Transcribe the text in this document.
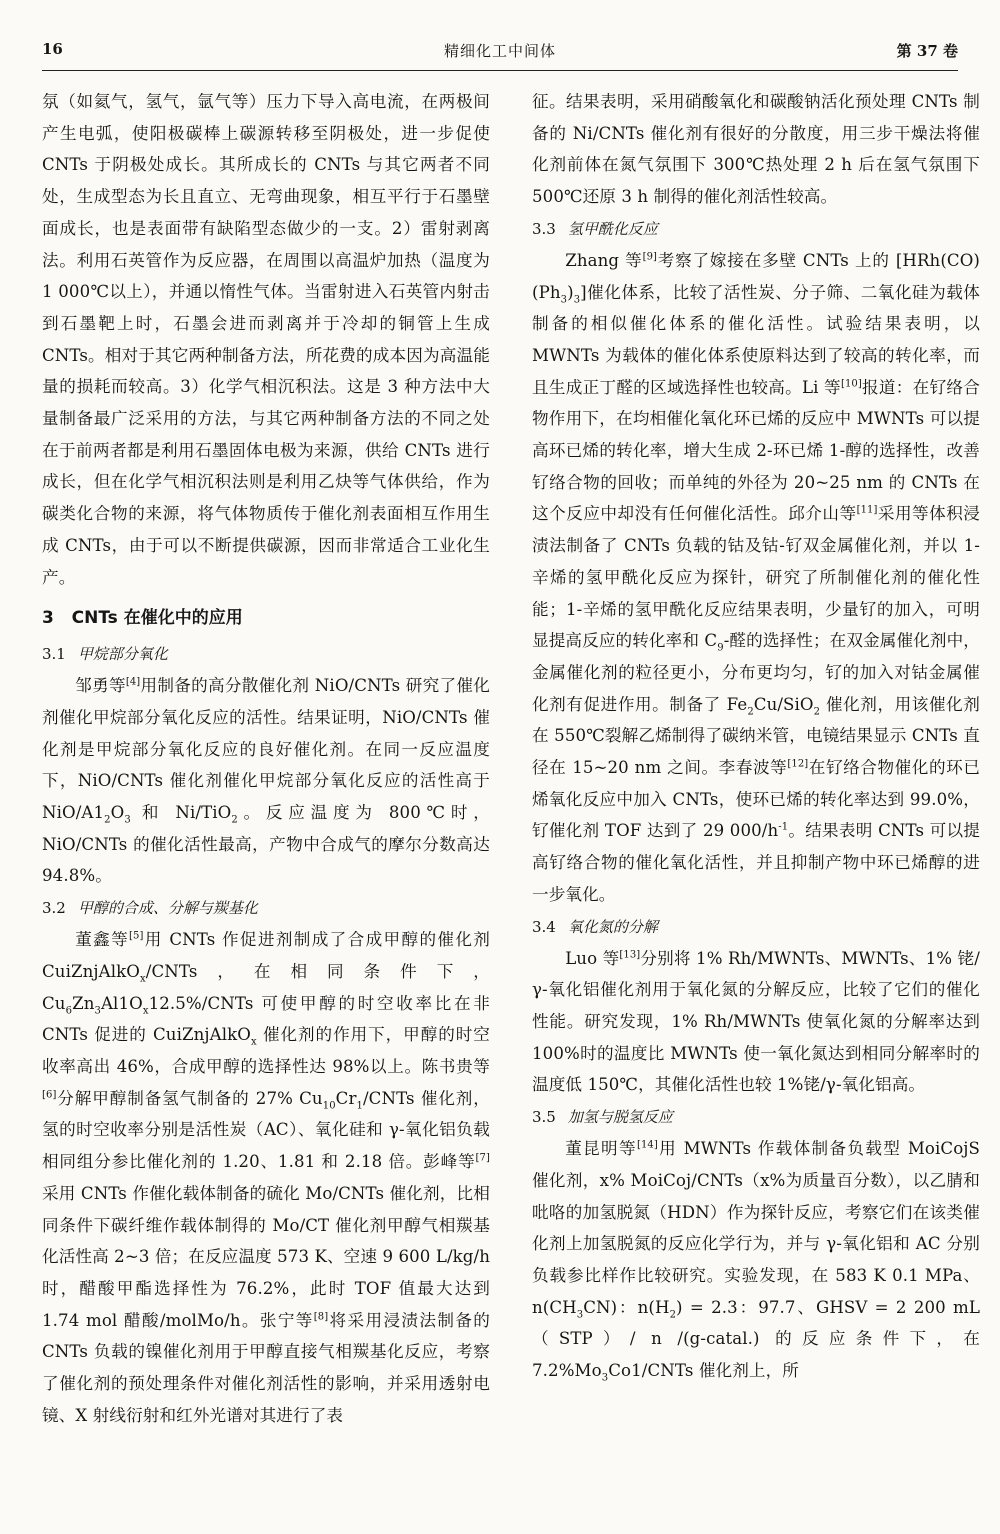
16	精细化工中间体	第 37 卷

氛（如氦气，氢气，氩气等）压力下导入高电流，在两极间产生电弧，使阳极碳棒上碳源转移至阴极处，进一步促使 CNTs 于阴极处成长。其所成长的 CNTs 与其它两者不同处，生成型态为长且直立、无弯曲现象，相互平行于石墨壁面成长，也是表面带有缺陷型态做少的一支。2）雷射剥离法。利用石英管作为反应器，在周围以高温炉加热（温度为 1 000℃以上），并通以惰性气体。当雷射进入石英管内射击到石墨靶上时，石墨会进而剥离并于冷却的铜管上生成 CNTs。相对于其它两种制备方法，所花费的成本因为高温能量的损耗而较高。3）化学气相沉积法。这是 3 种方法中大量制备最广泛采用的方法，与其它两种制备方法的不同之处在于前两者都是利用石墨固体电极为来源，供给 CNTs 进行成长，但在化学气相沉积法则是利用乙炔等气体供给，作为碳类化合物的来源，将气体物质传于催化剂表面相互作用生成 CNTs，由于可以不断提供碳源，因而非常适合工业化生产。

3 CNTs 在催化中的应用
3.1 甲烷部分氧化

邹勇等[4]用制备的高分散催化剂 NiO/CNTs 研究了催化剂催化甲烷部分氧化反应的活性。结果证明，NiO/CNTs 催化剂是甲烷部分氧化反应的良好催化剂。在同一反应温度下，NiO/CNTs 催化剂催化甲烷部分氧化反应的活性高于 NiO/$A1_2O_3$ 和 Ni/TiO$_2$。反应温度为 800℃时，NiO/CNTs 的催化活性最高，产物中合成气的摩尔分数高达 94.8%。

3.2 甲醇的合成、分解与羰基化

董鑫等[5]用 CNTs 作促进剂制成了合成甲醇的催化剂 CuiZnjAlkO$_x$/CNTs，在相同条件下，$Cu_6Zn_3Al1O_x12.5\%$/CNTs 可使甲醇的时空收率比在非 CNTs 促进的 CuiZnjAlkO$_x$ 催化剂的作用下，甲醇的时空收率高出 46%，合成甲醇的选择性达 98%以上。陈书贵等[6]分解甲醇制备氢气制备的 27% $Cu_{10}Cr_1$/CNTs 催化剂，氢的时空收率分别是活性炭（AC）、氧化硅和 γ-氧化铝负载相同组分参比催化剂的 1.20、1.81 和 2.18 倍。彭峰等[7]采用 CNTs 作催化载体制备的硫化 Mo/CNTs 催化剂，比相同条件下碳纤维作载体制得的 Mo/CT 催化剂甲醇气相羰基化活性高 2~3 倍；在反应温度 573 K、空速 9 600 L/kg/h 时，醋酸甲酯选择性为 76.2%，此时 TOF 值最大达到 1.74 mol 醋酸/molMo/h。张宁等[8]将采用浸渍法制备的 CNTs 负载的镍催化剂用于甲醇直接气相羰基化反应，考察了催化剂的预处理条件对催化剂活性的影响，并采用透射电镜、X 射线衍射和红外光谱对其进行了表

征。结果表明，采用硝酸氧化和碳酸钠活化预处理 CNTs 制备的 Ni/CNTs 催化剂有很好的分散度，用三步干燥法将催化剂前体在氮气氛围下 300℃热处理 2 h 后在氢气氛围下 500℃还原 3 h 制得的催化剂活性较高。

3.3 氢甲酰化反应

Zhang 等[9]考察了嫁接在多壁 CNTs 上的 $[HRh(CO)(Ph_3)_3]$催化体系，比较了活性炭、分子筛、二氧化硅为载体制备的相似催化体系的催化活性。试验结果表明，以 MWNTs 为载体的催化体系使原料达到了较高的转化率，而且生成正丁醛的区域选择性也较高。Li 等[10]报道：在钌络合物作用下，在均相催化氧化环已烯的反应中 MWNTs 可以提高环已烯的转化率，增大生成 2-环已烯 1-醇的选择性，改善钌络合物的回收；而单纯的外径为 20~25 nm 的 CNTs 在这个反应中却没有任何催化活性。邱介山等[11]采用等体积浸渍法制备了 CNTs 负载的钴及钴-钌双金属催化剂，并以 1-辛烯的氢甲酰化反应为探针，研究了所制催化剂的催化性能；1-辛烯的氢甲酰化反应结果表明，少量钌的加入，可明显提高反应的转化率和 $C_9-$醛的选择性；在双金属催化剂中，金属催化剂的粒径更小，分布更均匀，钌的加入对钴金属催化剂有促进作用。制备了 $Fe_2Cu/SiO_2$ 催化剂，用该催化剂在 550℃裂解乙烯制得了碳纳米管，电镜结果显示 CNTs 直径在 15~20 nm 之间。李春波等[12]在钌络合物催化的环已烯氧化反应中加入 CNTs，使环已烯的转化率达到 99.0%，钌催化剂 TOF 达到了 29 $000/h^{-1}$。结果表明 CNTs 可以提高钌络合物的催化氧化活性，并且抑制产物中环已烯醇的进一步氧化。

3.4 氧化氮的分解

Luo 等[13]分别将 1% Rh/MWNTs、MWNTs、1% 铑/γ-氧化铝催化剂用于氧化氮的分解反应，比较了它们的催化性能。研究发现，1% Rh/MWNTs 使氧化氮的分解率达到 100%时的温度比 MWNTs 使一氧化氮达到相同分解率时的温度低 150℃，其催化活性也较 1%铑/γ-氧化铝高。

3.5 加氢与脱氢反应

董昆明等[14]用 MWNTs 作载体制备负载型 MoiCojS 催化剂，x% MoiCoj/CNTs（x%为质量百分数），以乙腈和吡咯的加氢脱氮（HDN）作为探针反应，考察它们在该类催化剂上加氢脱氮的反应化学行为，并与 γ-氧化铝和 AC 分别负载参比样作比较研究。实验发现，在 583 K 0.1 MPa、$n(CH_3CN)$：$n(H_2) = 2.3$：97.7、GHSV = 2 200 mL（STP）/ n /(g-catal.) 的反应条件下，在 $7.2\%Mo_3Co1$/CNTs 催化剂上，所
